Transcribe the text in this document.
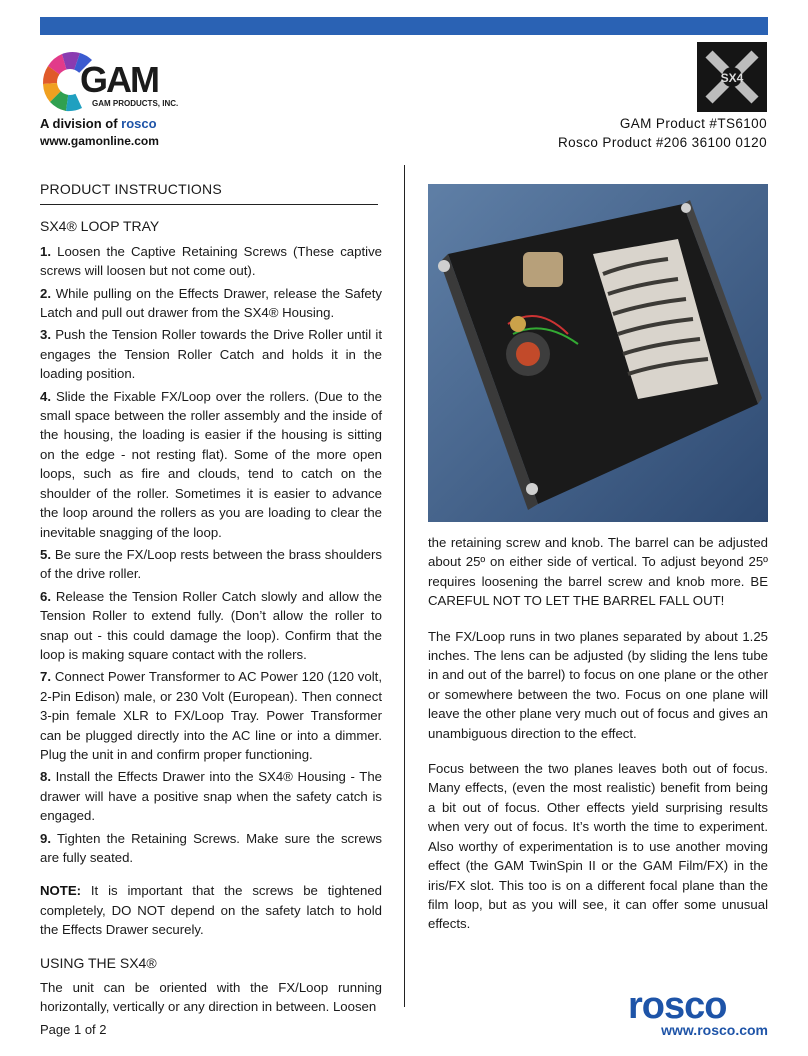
GAM
GAM PRODUCTS, INC.
A division of rosco
www.gamonline.com
SX4
GAM Product #TS6100
Rosco Product #206 36100 0120
PRODUCT INSTRUCTIONS
SX4® LOOP TRAY
1. Loosen the Captive Retaining Screws (These captive screws will loosen but not come out).
2. While pulling on the Effects Drawer, release the Safety Latch and pull out drawer from the SX4® Housing.
3. Push the Tension Roller towards the Drive Roller until it engages the Tension Roller Catch and holds it in the loading position.
4. Slide the Fixable FX/Loop over the rollers. (Due to the small space between the roller assembly and the inside of the housing, the loading is easier if the housing is sitting on the edge - not resting flat). Some of the more open loops, such as fire and clouds, tend to catch on the shoulder of the roller. Sometimes it is easier to advance the loop around the rollers as you are loading to clear the inevitable snagging of the loop.
5. Be sure the FX/Loop rests between the brass shoulders of the drive roller.
6. Release the Tension Roller Catch slowly and allow the Tension Roller to extend fully. (Don’t allow the roller to snap out - this could damage the loop). Confirm that the loop is making square contact with the rollers.
7. Connect Power Transformer to AC Power 120 (120 volt, 2-Pin Edison) male, or 230 Volt (European). Then connect 3-pin female XLR to FX/Loop Tray. Power Transformer can be plugged directly into the AC line or into a dimmer. Plug the unit in and confirm proper functioning.
8. Install the Effects Drawer into the SX4® Housing - The drawer will have a positive snap when the safety catch is engaged.
9. Tighten the Retaining Screws. Make sure the screws are fully seated.
NOTE: It is important that the screws be tightened completely, DO NOT depend on the safety latch to hold the Effects Drawer securely.
USING THE SX4®
The unit can be oriented with the FX/Loop running horizontally, vertically or any direction in between. Loosen

the retaining screw and knob. The barrel can be adjusted about 25º on either side of vertical. To adjust beyond 25º requires loosening the barrel screw and knob more. BE CAREFUL NOT TO LET THE BARREL FALL OUT!

The FX/Loop runs in two planes separated by about 1.25 inches. The lens can be adjusted (by sliding the lens tube in and out of the barrel) to focus on one plane or the other or somewhere between the two. Focus on one plane will leave the other plane very much out of focus and gives an unambiguous direction to the effect.

Focus between the two planes leaves both out of focus. Many effects, (even the most realistic) benefit from being a bit out of focus. Other effects yield surprising results when very out of focus. It’s worth the time to experiment. Also worthy of experimentation is to use another moving effect (the GAM TwinSpin II or the GAM Film/FX) in the iris/FX slot. This too is on a different focal plane than the film loop, but as you will see, it can offer some unusual effects.

Page 1 of 2
rosco
www.rosco.com
